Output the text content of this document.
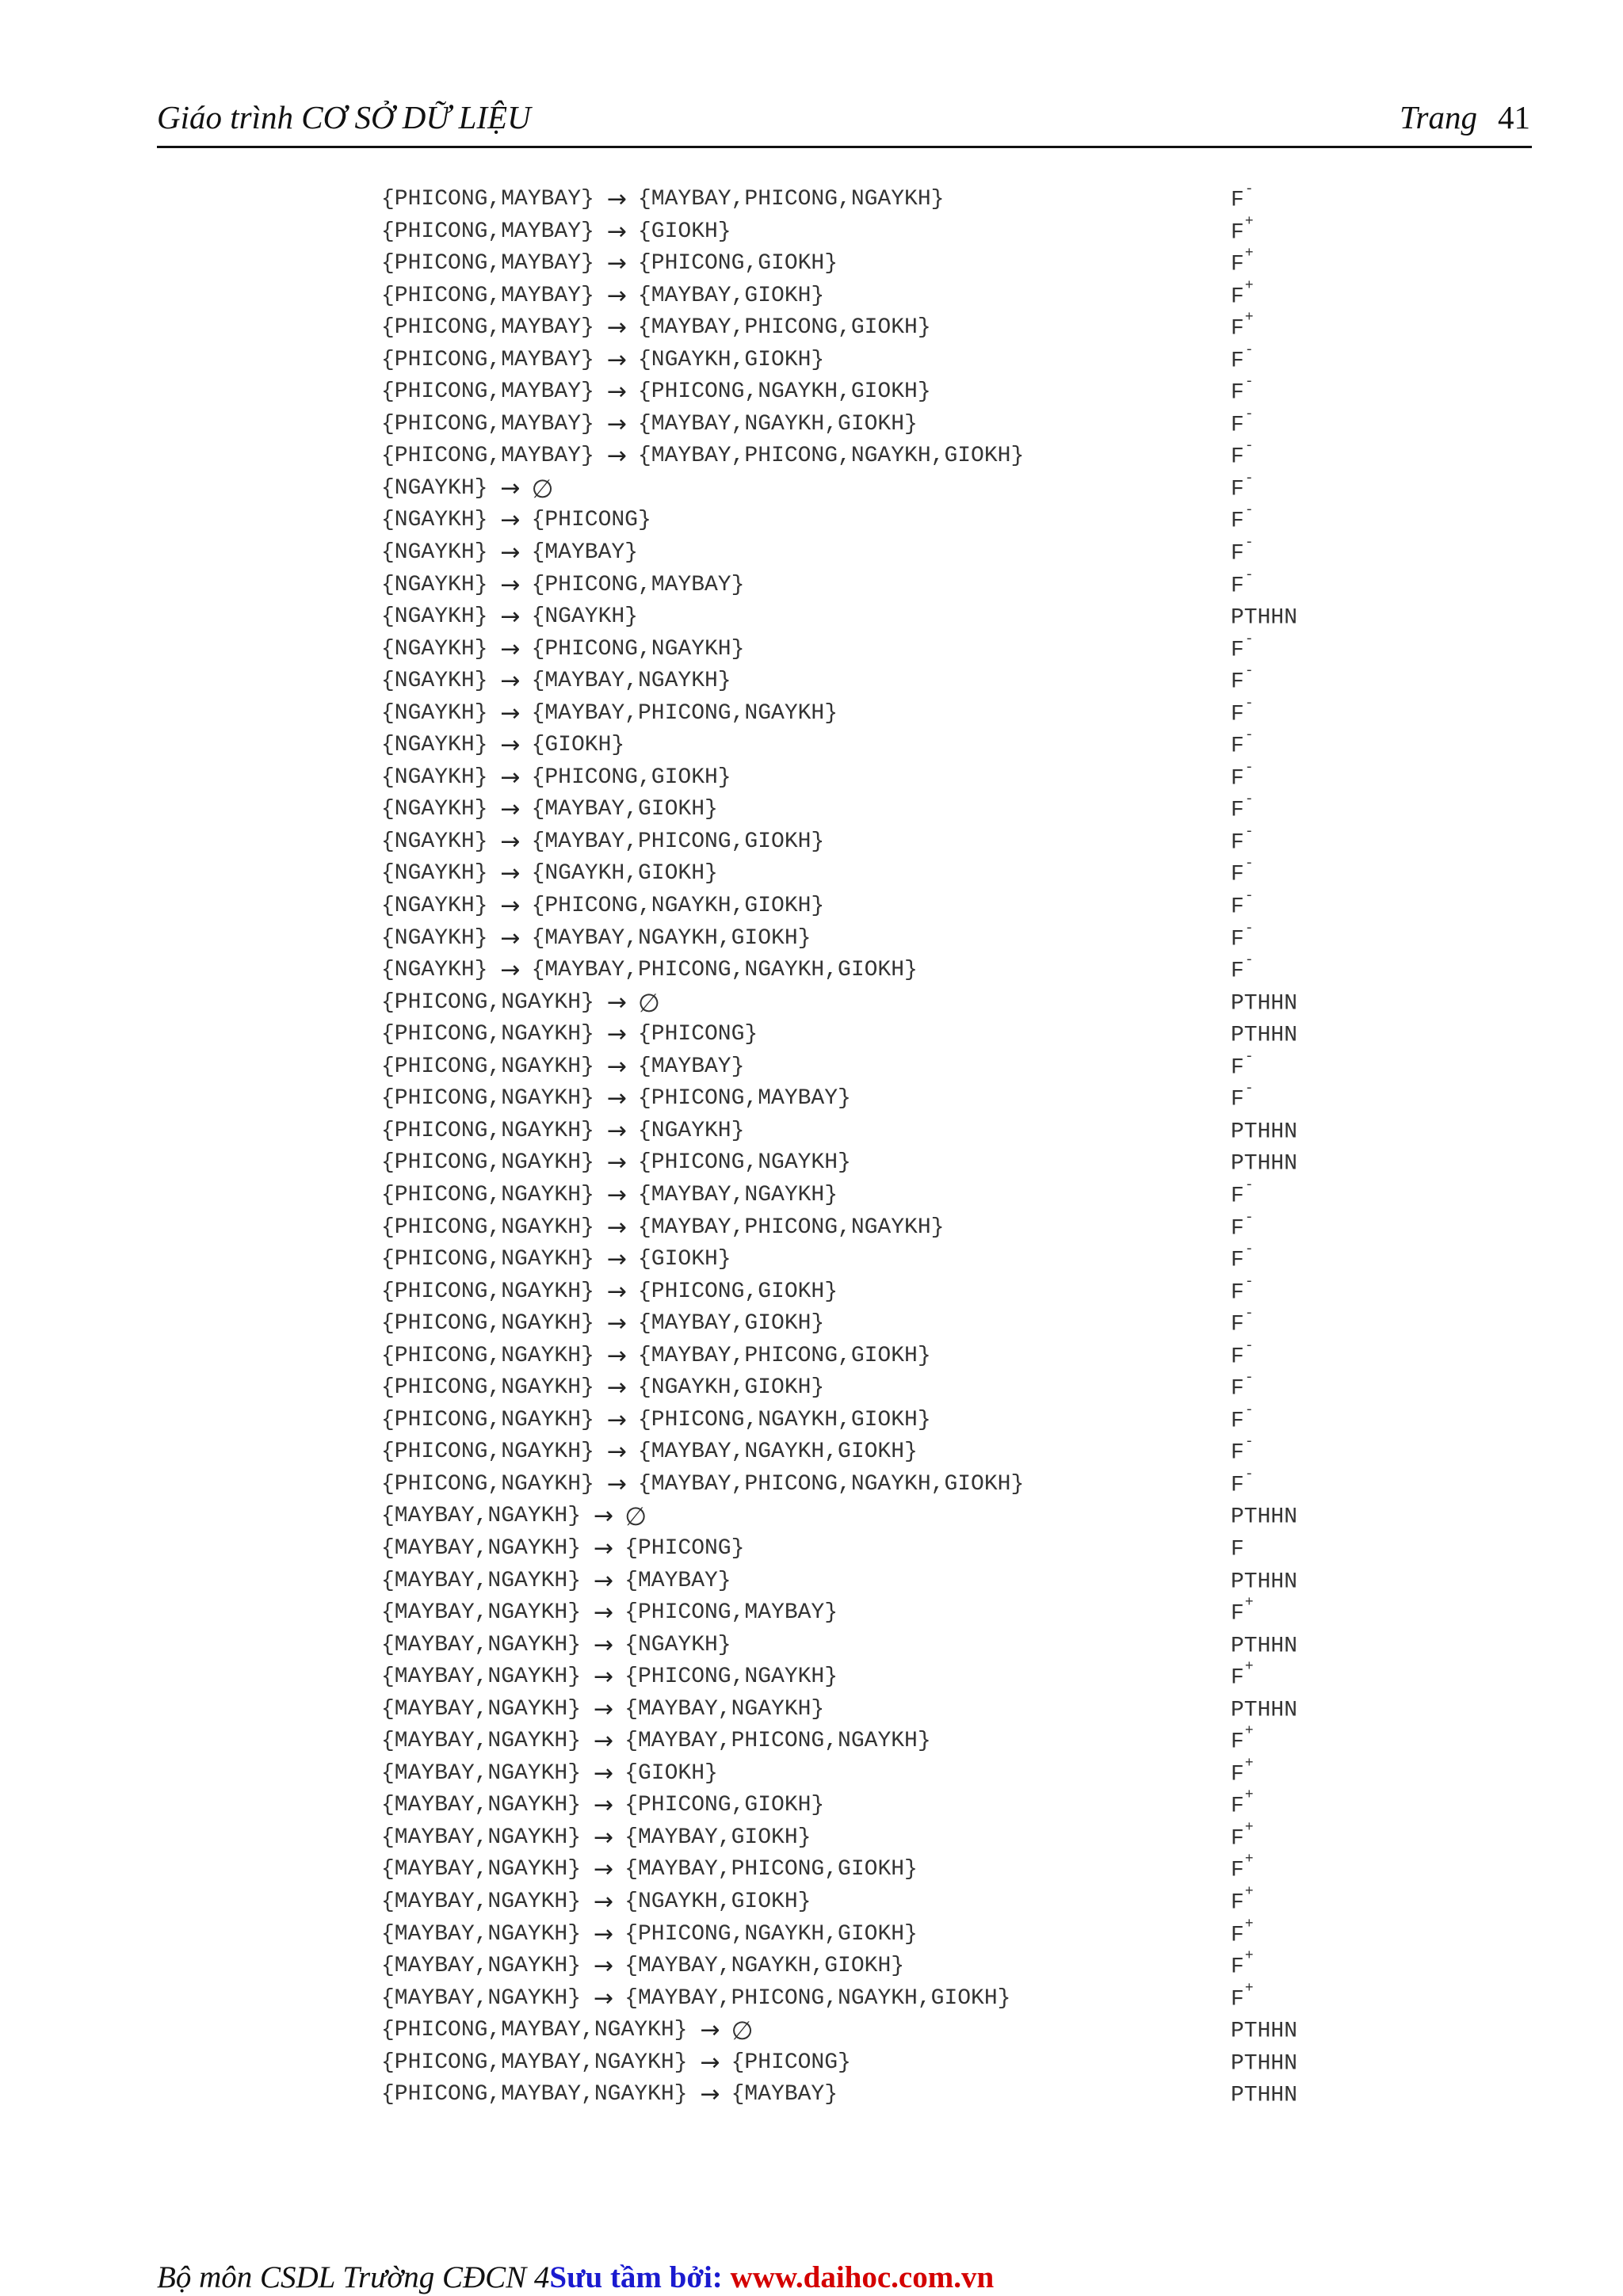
Giáo trình CƠ SỞ DỮ LIỆU	Trang 41
{PHICONG,MAYBAY} → {MAYBAY,PHICONG,NGAYKH}	F-
{PHICONG,MAYBAY} → {GIOKH}	F+
{PHICONG,MAYBAY} → {PHICONG,GIOKH}	F+
{PHICONG,MAYBAY} → {MAYBAY,GIOKH}	F+
{PHICONG,MAYBAY} → {MAYBAY,PHICONG,GIOKH}	F+
{PHICONG,MAYBAY} → {NGAYKH,GIOKH}	F-
{PHICONG,MAYBAY} → {PHICONG,NGAYKH,GIOKH}	F-
{PHICONG,MAYBAY} → {MAYBAY,NGAYKH,GIOKH}	F-
{PHICONG,MAYBAY} → {MAYBAY,PHICONG,NGAYKH,GIOKH}	F-
{NGAYKH} → ∅	F-
{NGAYKH} → {PHICONG}	F-
{NGAYKH} → {MAYBAY}	F-
{NGAYKH} → {PHICONG,MAYBAY}	F-
{NGAYKH} → {NGAYKH}	PTHHN
{NGAYKH} → {PHICONG,NGAYKH}	F-
{NGAYKH} → {MAYBAY,NGAYKH}	F-
{NGAYKH} → {MAYBAY,PHICONG,NGAYKH}	F-
{NGAYKH} → {GIOKH}	F-
{NGAYKH} → {PHICONG,GIOKH}	F-
{NGAYKH} → {MAYBAY,GIOKH}	F-
{NGAYKH} → {MAYBAY,PHICONG,GIOKH}	F-
{NGAYKH} → {NGAYKH,GIOKH}	F-
{NGAYKH} → {PHICONG,NGAYKH,GIOKH}	F-
{NGAYKH} → {MAYBAY,NGAYKH,GIOKH}	F-
{NGAYKH} → {MAYBAY,PHICONG,NGAYKH,GIOKH}	F-
{PHICONG,NGAYKH} → ∅	PTHHN
{PHICONG,NGAYKH} → {PHICONG}	PTHHN
{PHICONG,NGAYKH} → {MAYBAY}	F-
{PHICONG,NGAYKH} → {PHICONG,MAYBAY}	F-
{PHICONG,NGAYKH} → {NGAYKH}	PTHHN
{PHICONG,NGAYKH} → {PHICONG,NGAYKH}	PTHHN
{PHICONG,NGAYKH} → {MAYBAY,NGAYKH}	F-
{PHICONG,NGAYKH} → {MAYBAY,PHICONG,NGAYKH}	F-
{PHICONG,NGAYKH} → {GIOKH}	F-
{PHICONG,NGAYKH} → {PHICONG,GIOKH}	F-
{PHICONG,NGAYKH} → {MAYBAY,GIOKH}	F-
{PHICONG,NGAYKH} → {MAYBAY,PHICONG,GIOKH}	F-
{PHICONG,NGAYKH} → {NGAYKH,GIOKH}	F-
{PHICONG,NGAYKH} → {PHICONG,NGAYKH,GIOKH}	F-
{PHICONG,NGAYKH} → {MAYBAY,NGAYKH,GIOKH}	F-
{PHICONG,NGAYKH} → {MAYBAY,PHICONG,NGAYKH,GIOKH}	F-
{MAYBAY,NGAYKH} → ∅	PTHHN
{MAYBAY,NGAYKH} → {PHICONG}	F
{MAYBAY,NGAYKH} → {MAYBAY}	PTHHN
{MAYBAY,NGAYKH} → {PHICONG,MAYBAY}	F+
{MAYBAY,NGAYKH} → {NGAYKH}	PTHHN
{MAYBAY,NGAYKH} → {PHICONG,NGAYKH}	F+
{MAYBAY,NGAYKH} → {MAYBAY,NGAYKH}	PTHHN
{MAYBAY,NGAYKH} → {MAYBAY,PHICONG,NGAYKH}	F+
{MAYBAY,NGAYKH} → {GIOKH}	F+
{MAYBAY,NGAYKH} → {PHICONG,GIOKH}	F+
{MAYBAY,NGAYKH} → {MAYBAY,GIOKH}	F+
{MAYBAY,NGAYKH} → {MAYBAY,PHICONG,GIOKH}	F+
{MAYBAY,NGAYKH} → {NGAYKH,GIOKH}	F+
{MAYBAY,NGAYKH} → {PHICONG,NGAYKH,GIOKH}	F+
{MAYBAY,NGAYKH} → {MAYBAY,NGAYKH,GIOKH}	F+
{MAYBAY,NGAYKH} → {MAYBAY,PHICONG,NGAYKH,GIOKH}	F+
{PHICONG,MAYBAY,NGAYKH} → ∅	PTHHN
{PHICONG,MAYBAY,NGAYKH} → {PHICONG}	PTHHN
{PHICONG,MAYBAY,NGAYKH} → {MAYBAY}	PTHHN
Bộ môn CSDL Trường CĐCN 4Sưu tầm bởi: www.daihoc.com.vn
